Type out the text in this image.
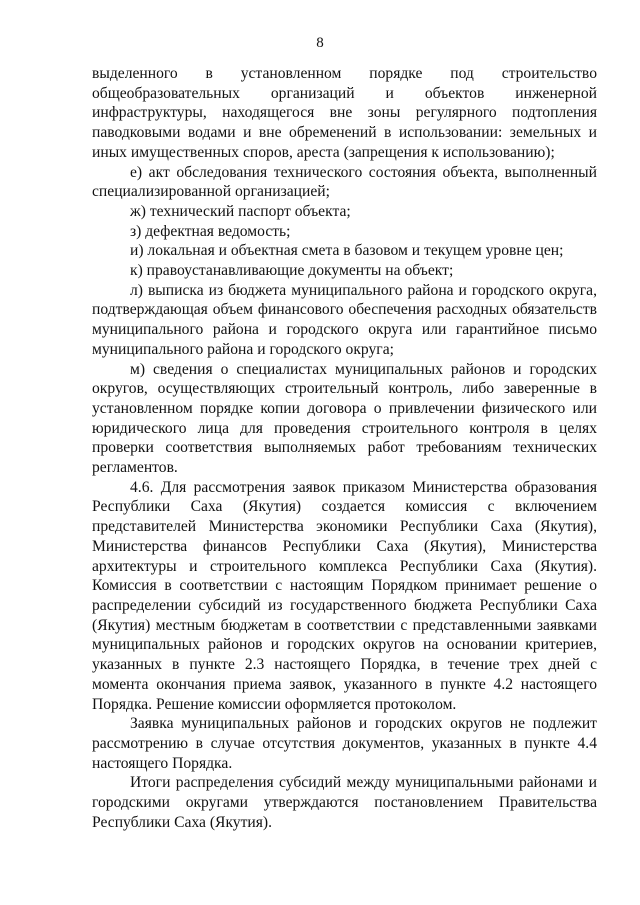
8

выделенного в установленном порядке под строительство общеобразовательных организаций и объектов инженерной инфраструктуры, находящегося вне зоны регулярного подтопления паводковыми водами и вне обременений в использовании: земельных и иных имущественных споров, ареста (запрещения к использованию);

е) акт обследования технического состояния объекта, выполненный специализированной организацией;

ж) технический паспорт объекта;

з) дефектная ведомость;

и) локальная и объектная смета в базовом и текущем уровне цен;

к) правоустанавливающие документы на объект;

л) выписка из бюджета муниципального района и городского округа, подтверждающая объем финансового обеспечения расходных обязательств муниципального района и городского округа или гарантийное письмо муниципального района и городского округа;

м) сведения о специалистах муниципальных районов и городских округов, осуществляющих строительный контроль, либо заверенные в установленном порядке копии договора о привлечении физического или юридического лица для проведения строительного контроля в целях проверки соответствия выполняемых работ требованиям технических регламентов.

4.6. Для рассмотрения заявок приказом Министерства образования Республики Саха (Якутия) создается комиссия с включением представителей Министерства экономики Республики Саха (Якутия), Министерства финансов Республики Саха (Якутия), Министерства архитектуры и строительного комплекса Республики Саха (Якутия). Комиссия в соответствии с настоящим Порядком принимает решение о распределении субсидий из государственного бюджета Республики Саха (Якутия) местным бюджетам в соответствии с представленными заявками муниципальных районов и городских округов на основании критериев, указанных в пункте 2.3 настоящего Порядка, в течение трех дней с момента окончания приема заявок, указанного в пункте 4.2 настоящего Порядка. Решение комиссии оформляется протоколом.

Заявка муниципальных районов и городских округов не подлежит рассмотрению в случае отсутствия документов, указанных в пункте 4.4 настоящего Порядка.

Итоги распределения субсидий между муниципальными районами и городскими округами утверждаются постановлением Правительства Республики Саха (Якутия).
